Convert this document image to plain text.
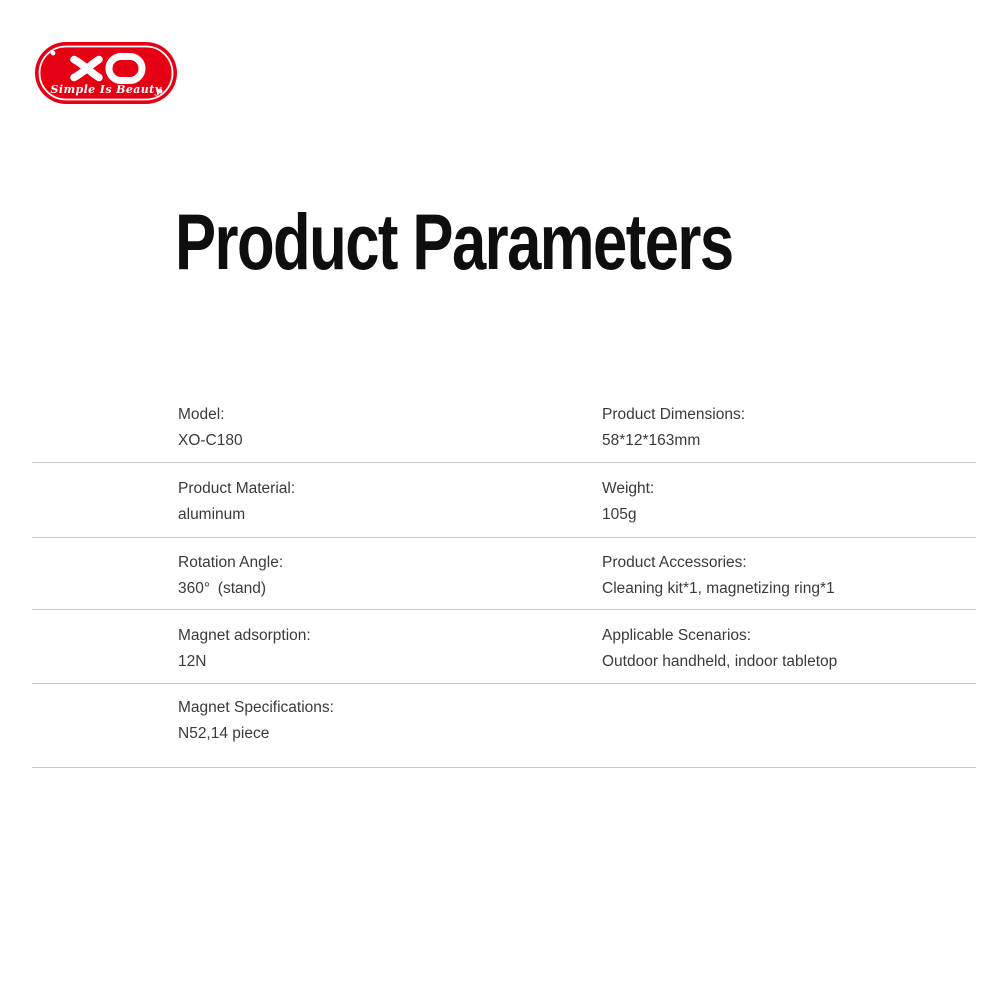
Simple Is Beauty
Product Parameters
Model:
XO-C180
Product Dimensions:
58*12*163mm
Product Material:
aluminum
Weight:
105g
Rotation Angle:
360° (stand)
Product Accessories:
Cleaning kit*1, magnetizing ring*1
Magnet adsorption:
12N
Applicable Scenarios:
Outdoor handheld, indoor tabletop
Magnet Specifications:
N52,14 piece
